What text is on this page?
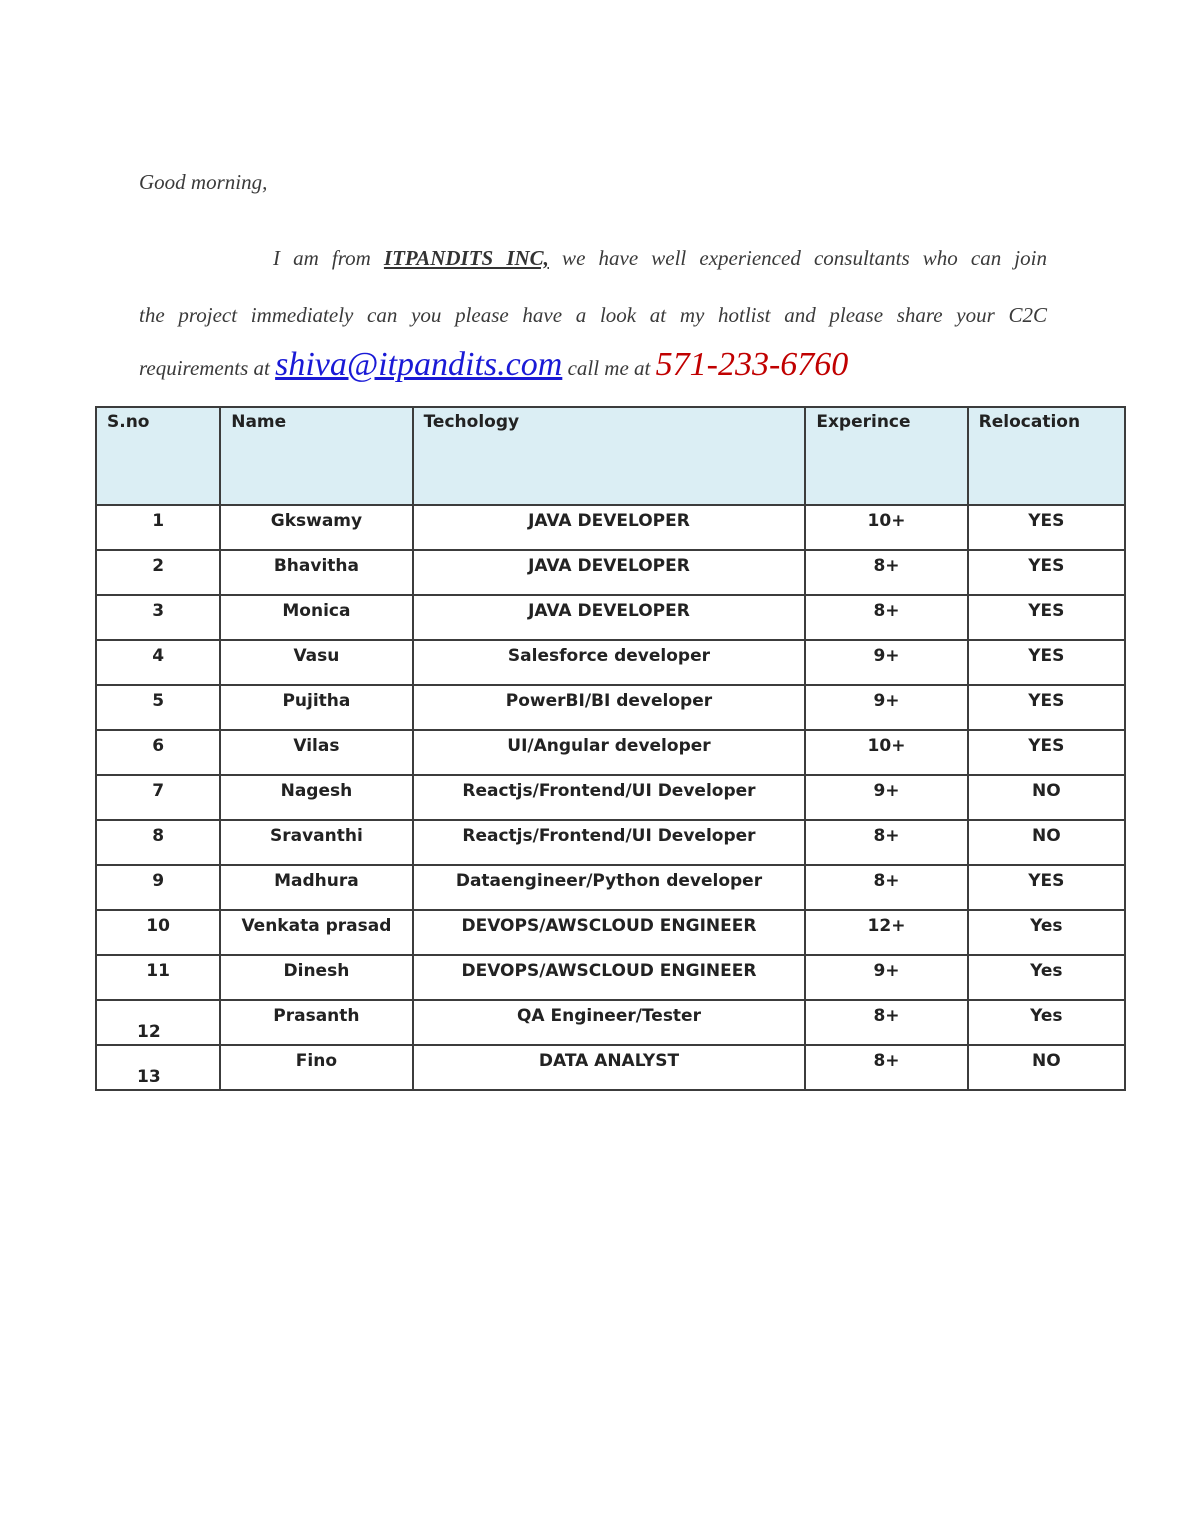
Good morning,
I am from ITPANDITS INC, we have well experienced consultants who can join
the project immediately can you please have a look at my hotlist and please share your C2C
requirements at shiva@itpandits.com call me at 571-233-6760
S.no	Name	Techology	Experince	Relocation
1	Gkswamy	JAVA DEVELOPER	10+	YES
2	Bhavitha	JAVA DEVELOPER	8+	YES
3	Monica	JAVA DEVELOPER	8+	YES
4	Vasu	Salesforce developer	9+	YES
5	Pujitha	PowerBI/BI developer	9+	YES
6	Vilas	UI/Angular developer	10+	YES
7	Nagesh	Reactjs/Frontend/UI Developer	9+	NO
8	Sravanthi	Reactjs/Frontend/UI Developer	8+	NO
9	Madhura	Dataengineer/Python developer	8+	YES
10	Venkata prasad	DEVOPS/AWSCLOUD ENGINEER	12+	Yes
11	Dinesh	DEVOPS/AWSCLOUD ENGINEER	9+	Yes
12	Prasanth	QA Engineer/Tester	8+	Yes
13	Fino	DATA ANALYST	8+	NO
